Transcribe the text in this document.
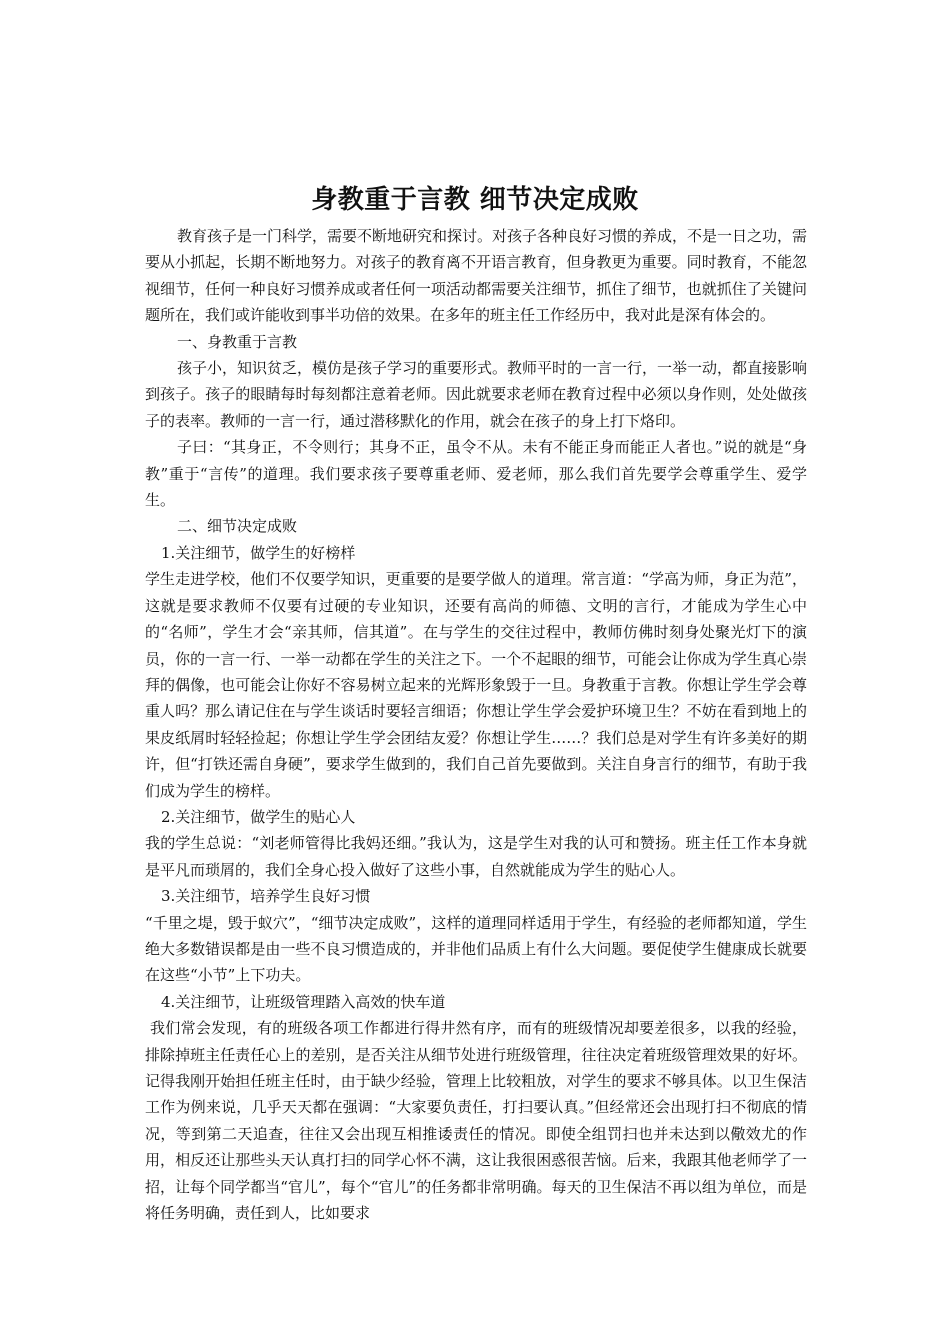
身教重于言教 细节决定成败

教育孩子是一门科学，需要不断地研究和探讨。对孩子各种良好习惯的养成，不是一日之功，需要从小抓起，长期不断地努力。对孩子的教育离不开语言教育，但身教更为重要。同时教育，不能忽视细节，任何一种良好习惯养成或者任何一项活动都需要关注细节，抓住了细节，也就抓住了关键问题所在，我们或许能收到事半功倍的效果。在多年的班主任工作经历中，我对此是深有体会的。

一、身教重于言教

孩子小，知识贫乏，模仿是孩子学习的重要形式。教师平时的一言一行，一举一动，都直接影响到孩子。孩子的眼睛每时每刻都注意着老师。因此就要求老师在教育过程中必须以身作则，处处做孩子的表率。教师的一言一行，通过潜移默化的作用，就会在孩子的身上打下烙印。

子曰：“其身正，不令则行；其身不正，虽令不从。未有不能正身而能正人者也。”说的就是“身教”重于“言传”的道理。我们要求孩子要尊重老师、爱老师，那么我们首先要学会尊重学生、爱学生。

二、细节决定成败

1.关注细节，做学生的好榜样

学生走进学校，他们不仅要学知识，更重要的是要学做人的道理。常言道：“学高为师，身正为范”，这就是要求教师不仅要有过硬的专业知识，还要有高尚的师德、文明的言行，才能成为学生心中的“名师”，学生才会“亲其师，信其道”。在与学生的交往过程中，教师仿佛时刻身处聚光灯下的演员，你的一言一行、一举一动都在学生的关注之下。一个不起眼的细节，可能会让你成为学生真心崇拜的偶像，也可能会让你好不容易树立起来的光辉形象毁于一旦。身教重于言教。你想让学生学会尊重人吗？那么请记住在与学生谈话时要轻言细语；你想让学生学会爱护环境卫生？不妨在看到地上的果皮纸屑时轻轻捡起；你想让学生学会团结友爱？你想让学生……？我们总是对学生有许多美好的期许，但“打铁还需自身硬”，要求学生做到的，我们自己首先要做到。关注自身言行的细节，有助于我们成为学生的榜样。

2.关注细节，做学生的贴心人

我的学生总说：“刘老师管得比我妈还细。”我认为，这是学生对我的认可和赞扬。班主任工作本身就是平凡而琐屑的，我们全身心投入做好了这些小事，自然就能成为学生的贴心人。

3.关注细节，培养学生良好习惯

“千里之堤，毁于蚁穴”，“细节决定成败”，这样的道理同样适用于学生，有经验的老师都知道，学生绝大多数错误都是由一些不良习惯造成的，并非他们品质上有什么大问题。要促使学生健康成长就要在这些“小节”上下功夫。

4.关注细节，让班级管理踏入高效的快车道

我们常会发现，有的班级各项工作都进行得井然有序，而有的班级情况却要差很多，以我的经验，排除掉班主任责任心上的差别，是否关注从细节处进行班级管理，往往决定着班级管理效果的好坏。记得我刚开始担任班主任时，由于缺少经验，管理上比较粗放，对学生的要求不够具体。以卫生保洁工作为例来说，几乎天天都在强调：“大家要负责任，打扫要认真。”但经常还会出现打扫不彻底的情况，等到第二天追查，往往又会出现互相推诿责任的情况。即使全组罚扫也并未达到以儆效尤的作用，相反还让那些头天认真打扫的同学心怀不满，这让我很困惑很苦恼。后来，我跟其他老师学了一招，让每个同学都当“官儿”，每个“官儿”的任务都非常明确。每天的卫生保洁不再以组为单位，而是将任务明确，责任到人，比如要求
